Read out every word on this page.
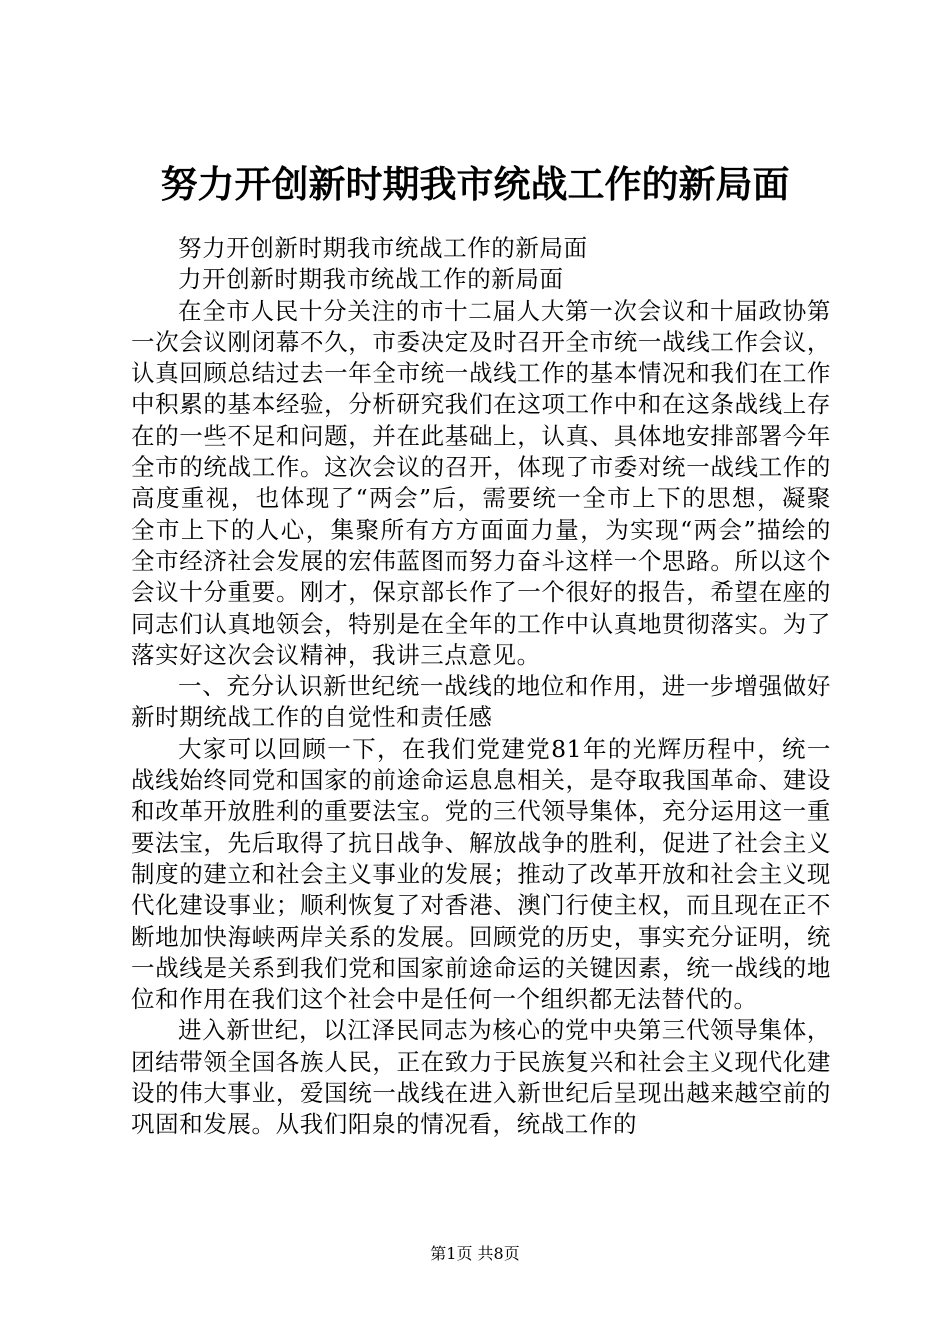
努力开创新时期我市统战工作的新局面

努力开创新时期我市统战工作的新局面

力开创新时期我市统战工作的新局面

在全市人民十分关注的市十二届人大第一次会议和十届政协第一次会议刚闭幕不久，市委决定及时召开全市统一战线工作会议，认真回顾总结过去一年全市统一战线工作的基本情况和我们在工作中积累的基本经验，分析研究我们在这项工作中和在这条战线上存在的一些不足和问题，并在此基础上，认真、具体地安排部署今年全市的统战工作。这次会议的召开，体现了市委对统一战线工作的高度重视，也体现了“两会”后，需要统一全市上下的思想，凝聚全市上下的人心，集聚所有方方面面力量，为实现“两会”描绘的全市经济社会发展的宏伟蓝图而努力奋斗这样一个思路。所以这个会议十分重要。刚才，保京部长作了一个很好的报告，希望在座的同志们认真地领会，特别是在全年的工作中认真地贯彻落实。为了落实好这次会议精神，我讲三点意见。

一、充分认识新世纪统一战线的地位和作用，进一步增强做好新时期统战工作的自觉性和责任感

大家可以回顾一下，在我们党建党81年的光辉历程中，统一战线始终同党和国家的前途命运息息相关，是夺取我国革命、建设和改革开放胜利的重要法宝。党的三代领导集体，充分运用这一重要法宝，先后取得了抗日战争、解放战争的胜利，促进了社会主义制度的建立和社会主义事业的发展；推动了改革开放和社会主义现代化建设事业；顺利恢复了对香港、澳门行使主权，而且现在正不断地加快海峡两岸关系的发展。回顾党的历史，事实充分证明，统一战线是关系到我们党和国家前途命运的关键因素，统一战线的地位和作用在我们这个社会中是任何一个组织都无法替代的。

进入新世纪，以江泽民同志为核心的党中央第三代领导集体，团结带领全国各族人民，正在致力于民族复兴和社会主义现代化建设的伟大事业，爱国统一战线在进入新世纪后呈现出越来越空前的巩固和发展。从我们阳泉的情况看，统战工作的

第1页 共8页
